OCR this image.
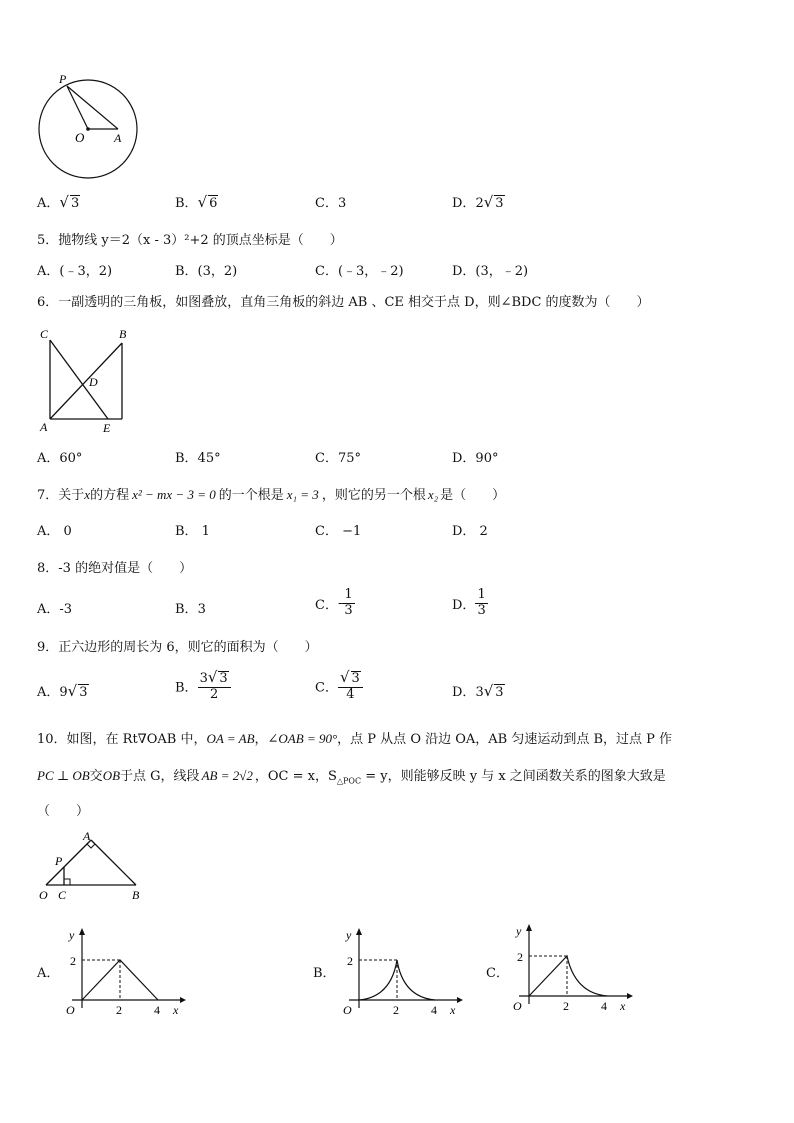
P
O A
A．√ 3	B．√ 6	C．3	D．2√ 3
5．抛物线 y＝2（x - 3）²+2 的顶点坐标是（　　）
A．(﹣3，2)	B．(3，2)	C．(﹣3，﹣2)	D．(3，﹣2)
6．一副透明的三角板，如图叠放，直角三角板的斜边 AB 、CE 相交于点 D，则∠BDC 的度数为（　　）
C	B
D
A	E
A．60°	B．45°	C．75°	D．90°
7．关于x的方程 x² − mx − 3 = 0 的一个根是 x₁ = 3 ，则它的另一个根 x₂ 是（　　）
A． 0	B． 1	C． −1	D． 2
8．-3 的绝对值是（　　）
A．-3	B．3	C．- $\frac{1}{3}$	D． $\frac{1}{3}$
9．正六边形的周长为 6，则它的面积为（　　）
A．9√ 3	B． $\frac{3√ 3}{2}$	C． $\frac{√ 3}{4}$	D．3√ 3
10．如图，在 Rt∇OAB 中，OA = AB，∠OAB = 90°，点 P 从点 O 沿边 OA，AB 匀速运动到点 B，过点 P 作
PC ⊥ OB交OB于点 G，线段 AB = 2√2 ，OC = x，$S_{\triangle POC} = y$，则能够反映 y 与 x 之间函数关系的图象大致是
（　　）
A
P
O C	B
A．
y
x
O
2
2	4
B．
y
x
O
2
2	4
C．
y
x
O
2
2	4
